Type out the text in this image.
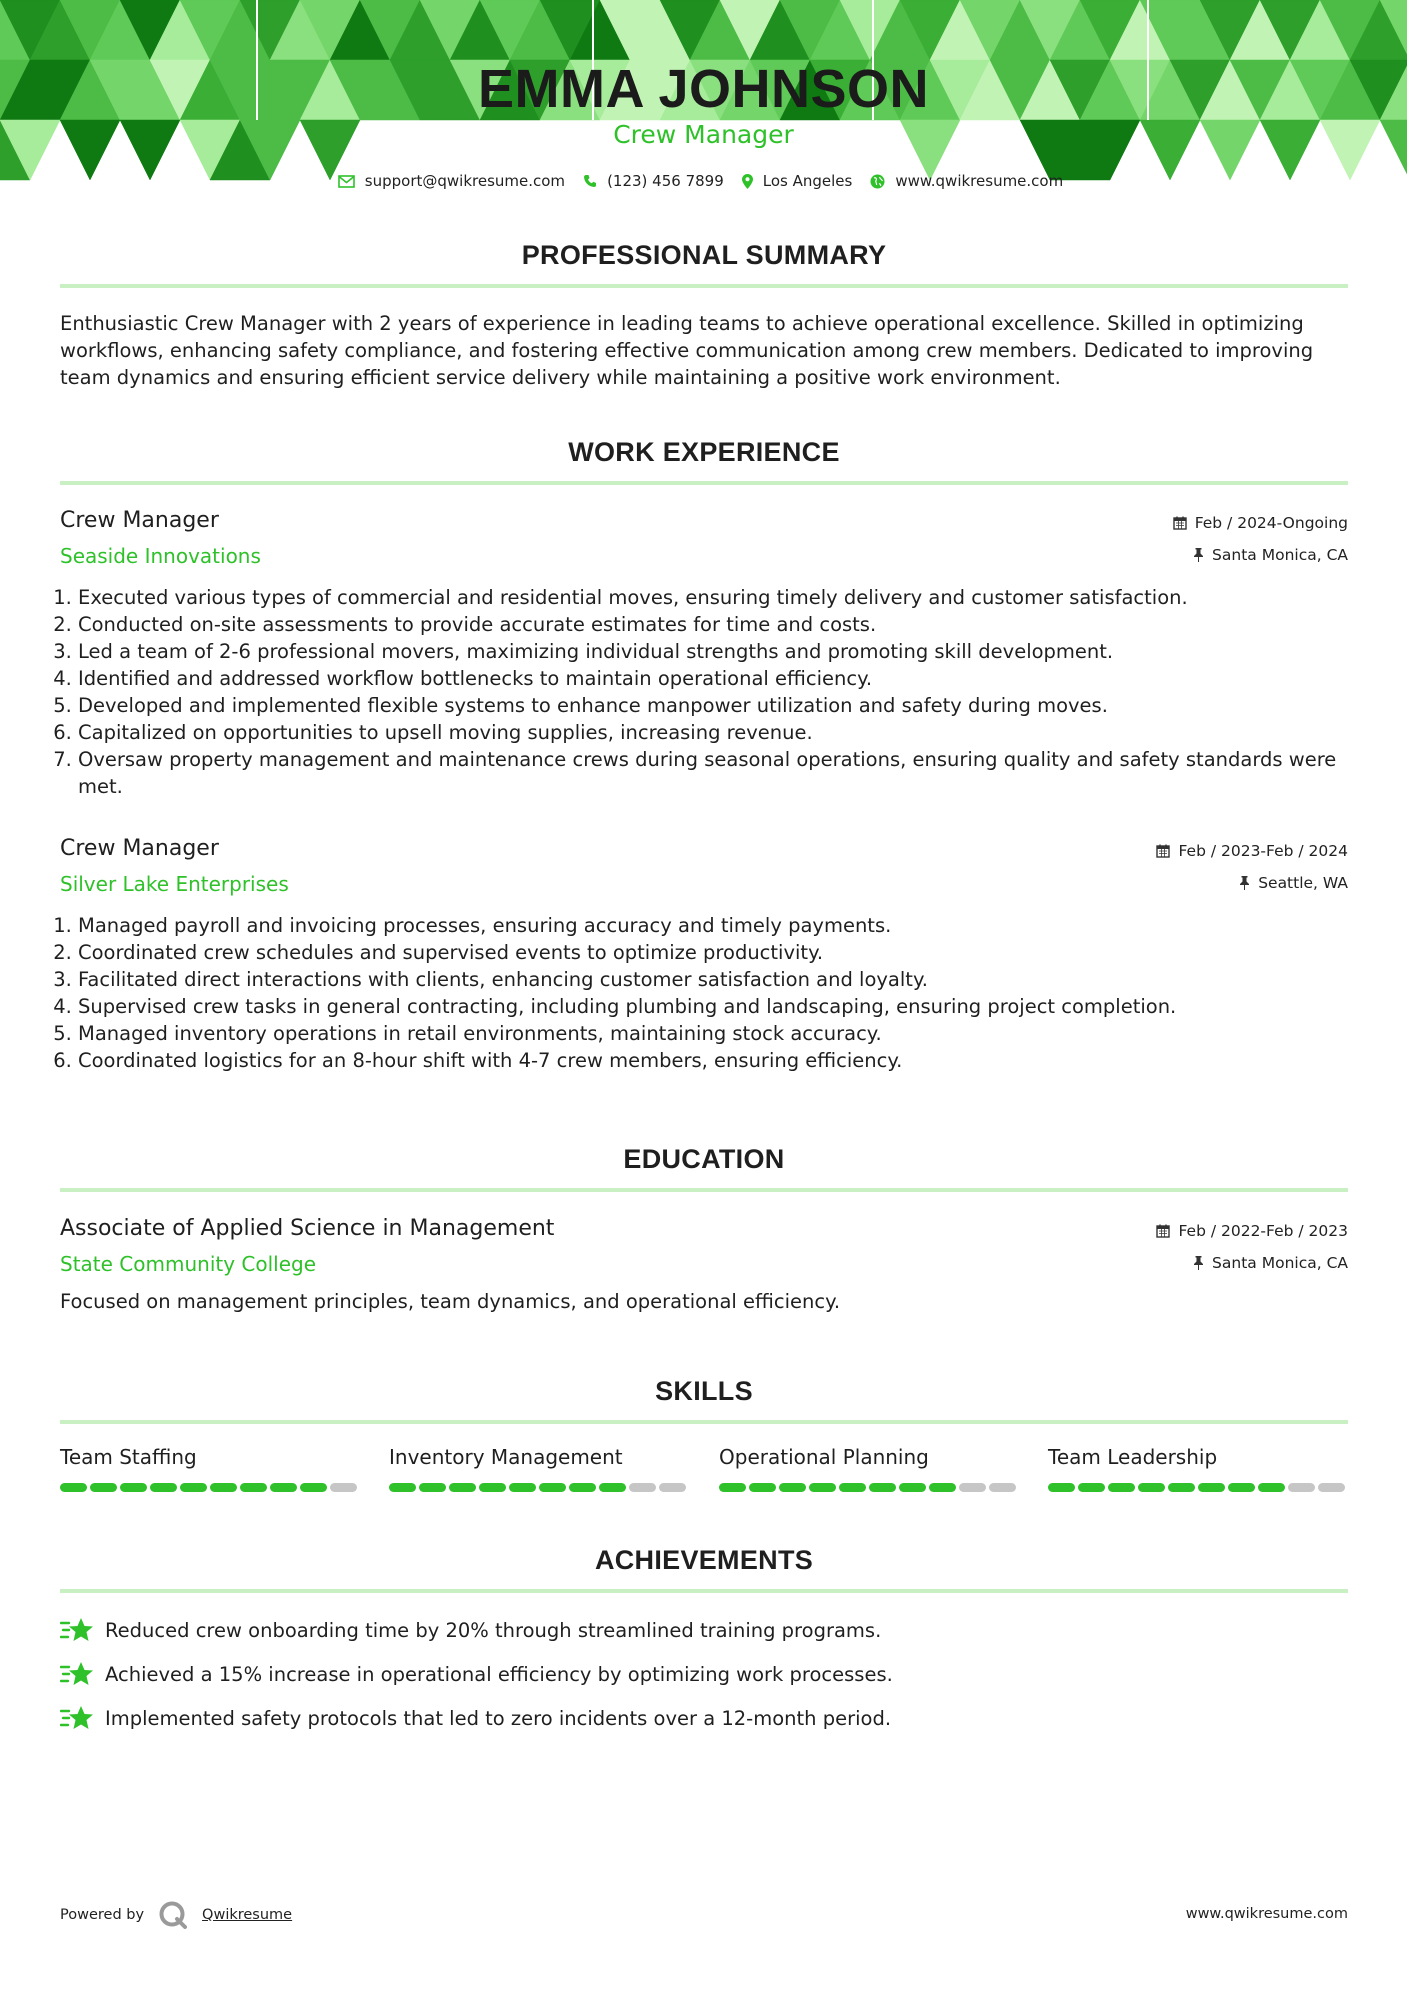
EMMA JOHNSON
Crew Manager
support@qwikresume.com	(123) 456 7899	Los Angeles	www.qwikresume.com
PROFESSIONAL SUMMARY
Enthusiastic Crew Manager with 2 years of experience in leading teams to achieve operational excellence. Skilled in optimizing workflows, enhancing safety compliance, and fostering effective communication among crew members. Dedicated to improving team dynamics and ensuring efficient service delivery while maintaining a positive work environment.
WORK EXPERIENCE
Crew Manager
Seaside Innovations
Feb / 2024-Ongoing
Santa Monica, CA
1. Executed various types of commercial and residential moves, ensuring timely delivery and customer satisfaction.
2. Conducted on-site assessments to provide accurate estimates for time and costs.
3. Led a team of 2-6 professional movers, maximizing individual strengths and promoting skill development.
4. Identified and addressed workflow bottlenecks to maintain operational efficiency.
5. Developed and implemented flexible systems to enhance manpower utilization and safety during moves.
6. Capitalized on opportunities to upsell moving supplies, increasing revenue.
7. Oversaw property management and maintenance crews during seasonal operations, ensuring quality and safety standards were met.
Crew Manager
Silver Lake Enterprises
Feb / 2023-Feb / 2024
Seattle, WA
1. Managed payroll and invoicing processes, ensuring accuracy and timely payments.
2. Coordinated crew schedules and supervised events to optimize productivity.
3. Facilitated direct interactions with clients, enhancing customer satisfaction and loyalty.
4. Supervised crew tasks in general contracting, including plumbing and landscaping, ensuring project completion.
5. Managed inventory operations in retail environments, maintaining stock accuracy.
6. Coordinated logistics for an 8-hour shift with 4-7 crew members, ensuring efficiency.
EDUCATION
Associate of Applied Science in Management
State Community College
Feb / 2022-Feb / 2023
Santa Monica, CA
Focused on management principles, team dynamics, and operational efficiency.
SKILLS
Team Staffing	Inventory Management	Operational Planning	Team Leadership
ACHIEVEMENTS
Reduced crew onboarding time by 20% through streamlined training programs.
Achieved a 15% increase in operational efficiency by optimizing work processes.
Implemented safety protocols that led to zero incidents over a 12-month period.
Powered by	Qwikresume	www.qwikresume.com
